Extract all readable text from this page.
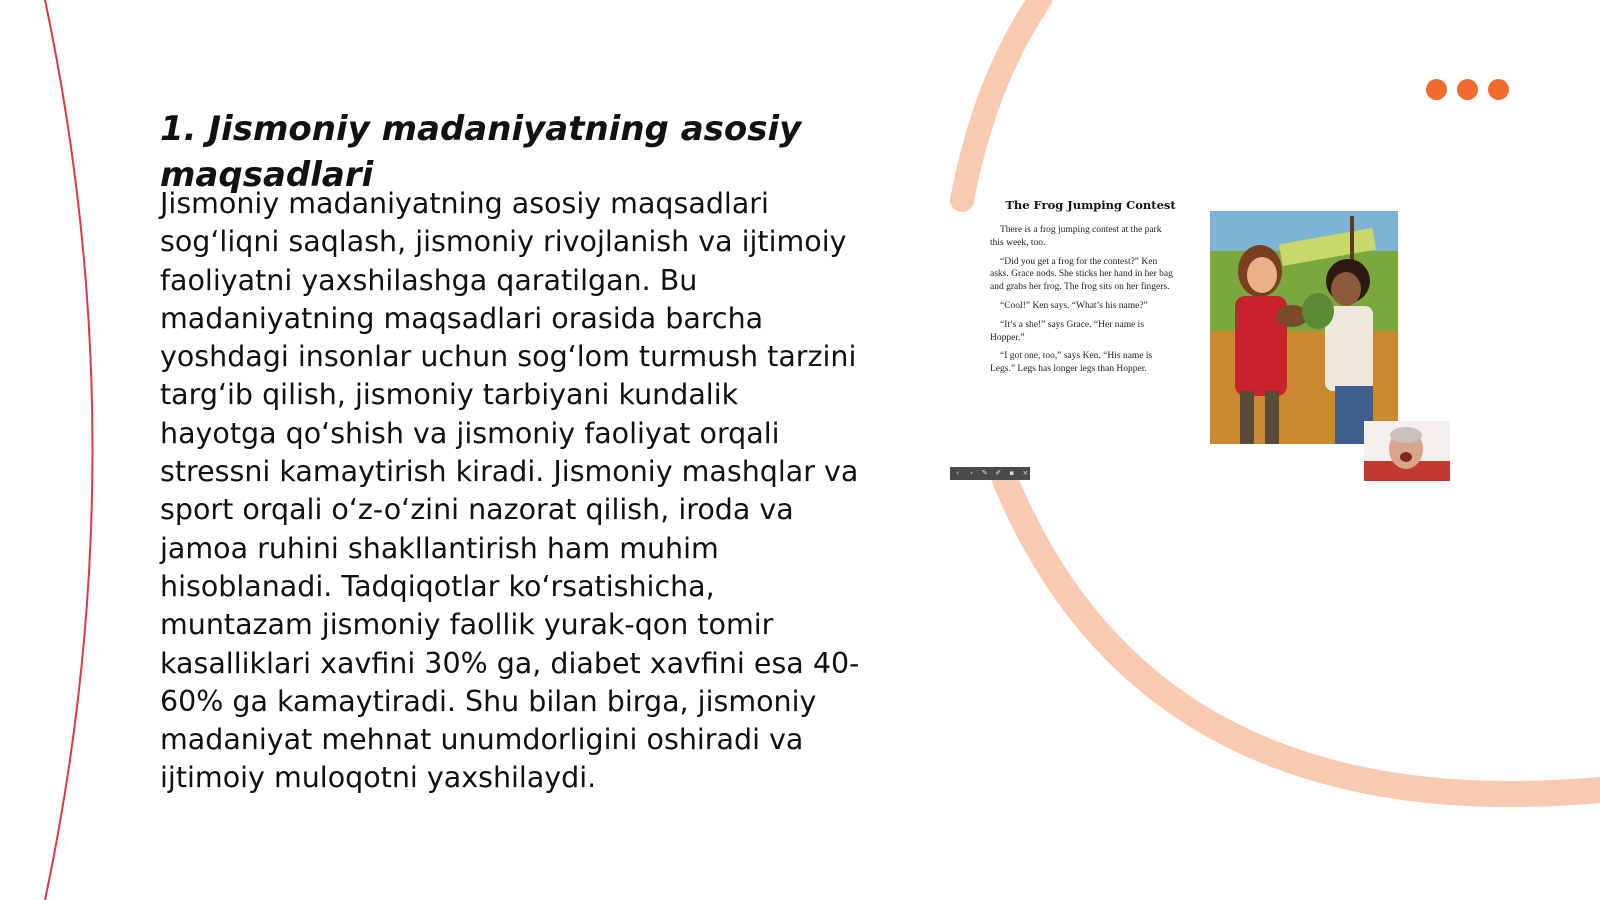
1. Jismoniy madaniyatning asosiy maqsadlari

Jismoniy madaniyatning asosiy maqsadlari sog‘liqni saqlash, jismoniy rivojlanish va ijtimoiy faoliyatni yaxshilashga qaratilgan. Bu madaniyatning maqsadlari orasida barcha yoshdagi insonlar uchun sog‘lom turmush tarzini targ‘ib qilish, jismoniy tarbiyani kundalik hayotga qo‘shish va jismoniy faoliyat orqali stressni kamaytirish kiradi. Jismoniy mashqlar va sport orqali o‘z-o‘zini nazorat qilish, iroda va jamoa ruhini shakllantirish ham muhim hisoblanadi. Tadqiqotlar ko‘rsatishicha, muntazam jismoniy faollik yurak-qon tomir kasalliklari xavfini 30% ga, diabet xavfini esa 40-60% ga kamaytiradi. Shu bilan birga, jismoniy madaniyat mehnat unumdorligini oshiradi va ijtimoiy muloqotni yaxshilaydi.

The Frog Jumping Contest

There is a frog jumping contest at the park this week, too.

“Did you get a frog for the contest?” Ken asks. Grace nods. She sticks her hand in her bag and grabs her frog. The frog sits on her fingers.

“Cool!” Ken says. “What’s his name?”

“It’s a she!” says Grace. “Her name is Hopper.”

“I got one, too,” says Ken. “His name is Legs.” Legs has longer legs than Hopper.

‹	›	✎ ✐	▪	×
